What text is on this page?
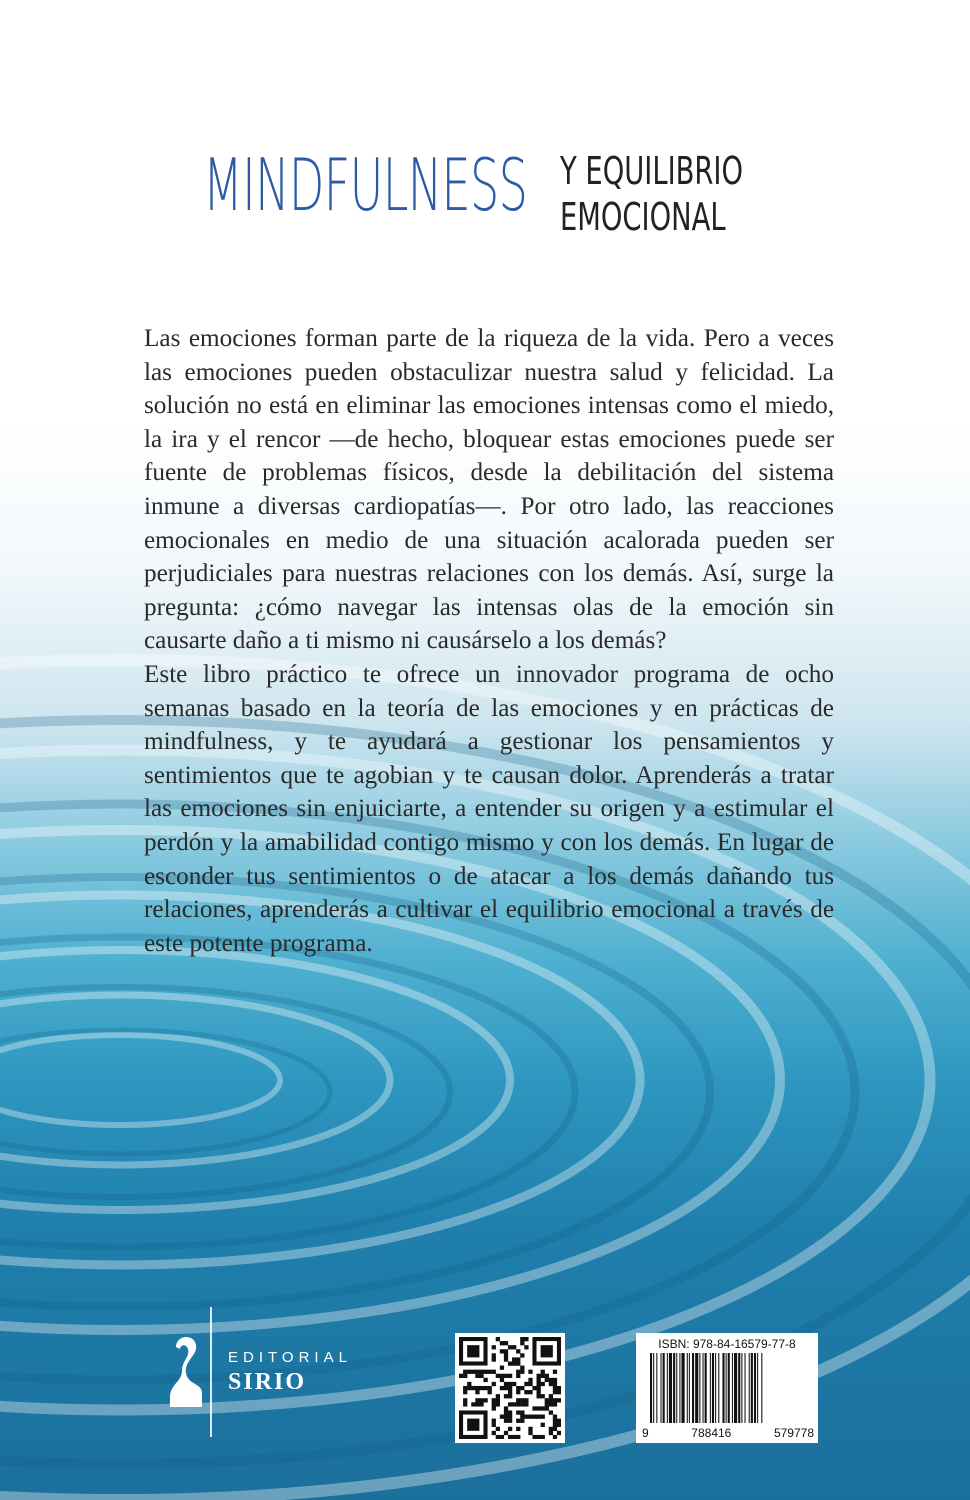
MINDFULNESS Y EQUILIBRIO
EMOCIONAL

Las emociones forman parte de la riqueza de la vida. Pero a veces las emociones pueden obstaculizar nuestra salud y felicidad. La solución no está en eliminar las emociones intensas como el miedo, la ira y el rencor —de hecho, bloquear estas emociones puede ser fuente de problemas físicos, desde la debilitación del sistema inmune a diversas cardiopatías—. Por otro lado, las reacciones emocionales en medio de una situación acalorada pueden ser perjudiciales para nuestras relaciones con los demás. Así, surge la pregunta: ¿cómo navegar las intensas olas de la emoción sin causarte daño a ti mismo ni causárselo a los demás?

Este libro práctico te ofrece un innovador programa de ocho semanas basado en la teoría de las emociones y en prácticas de mindfulness, y te ayudará a gestionar los pensamientos y sentimientos que te agobian y te causan dolor. Aprenderás a tratar las emociones sin enjuiciarte, a entender su origen y a estimular el perdón y la amabilidad contigo mismo y con los demás. En lugar de esconder tus sentimientos o de atacar a los demás dañando tus relaciones, aprenderás a cultivar el equilibrio emocional a través de este potente programa.

EDITORIAL
SIRIO
ISBN: 978-84-16579-77-8
9	788416	579778
